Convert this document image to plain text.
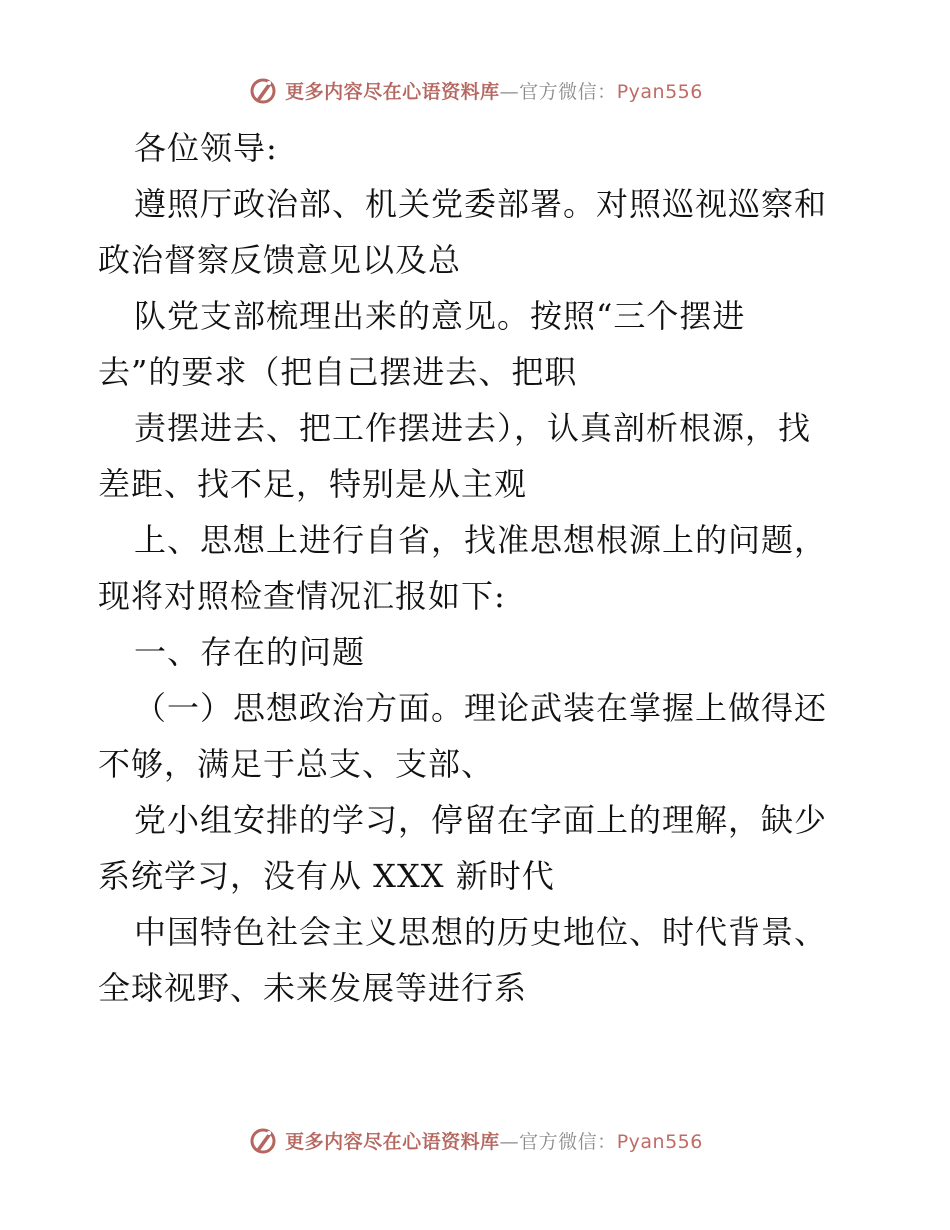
更多内容尽在心语资料库—官方微信：Pyan556
各位领导:
遵照厅政治部、机关党委部署。对照巡视巡察和
政治督察反馈意见以及总
队党支部梳理出来的意见。按照“三个摆进
去”的要求（把自己摆进去、把职
责摆进去、把工作摆进去），认真剖析根源，找
差距、找不足，特别是从主观
上、思想上进行自省，找准思想根源上的问题，
现将对照检查情况汇报如下:
一、存在的问题
（一）思想政治方面。理论武装在掌握上做得还
不够，满足于总支、支部、
党小组安排的学习，停留在字面上的理解，缺少
系统学习，没有从 XXX 新时代
中国特色社会主义思想的历史地位、时代背景、
全球视野、未来发展等进行系
更多内容尽在心语资料库—官方微信：Pyan556
